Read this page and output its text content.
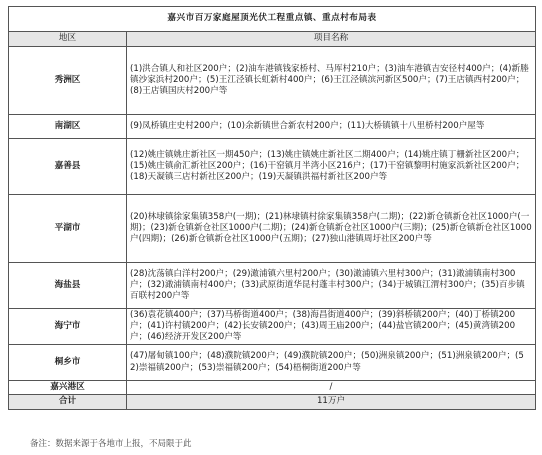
嘉兴市百万家庭屋顶光伏工程重点镇、重点村布局表	
地区	项目名称
秀洲区	(1)洪合镇人和社区200户；(2)油车港镇钱家桥村、马厍村210户；(3)油车港镇吉安径村400户；(4)新塍镇沙家浜村200户；(5)王江泾镇长虹新村400户；(6)王江泾镇滨河新区500户；(7)王店镇西村200户；(8)王店镇国庆村200户等
南湖区	(9)凤桥镇庄史村200户；(10)余新镇世合新农村200户；(11)大桥镇镇十八里桥村200户屋等
嘉善县	(12)姚庄镇姚庄新社区一期450户；(13)姚庄镇姚庄新社区二期400户；(14)姚庄镇丁栅新社区200户；(15)姚庄镇俞汇新社区200户；(16)干窑镇月半湾小区216户；(17)干窑镇黎明村施家浜新社区200户；(18)天凝镇三店村新社区200户；(19)天凝镇洪福村新社区200户等
平湖市	(20)林埭镇徐家集镇358户(一期)；(21)林埭镇村徐家集镇358户(二期)；(22)新仓镇新仓社区1000户(一期)；(23)新仓镇新仓社区1000户(二期)；(24)新仓镇新仓社区1000户(三期)；(25)新仓镇新仓社区1000户(四期)；(26)新仓镇新仓社区1000户(五期)；(27)独山港镇周圩社区200户等
海盐县	(28)沈荡镇白洋村200户；(29)澉浦镇六里村200户；(30)澉浦镇六里村300户；(31)澉浦镇南村300户；(32)澉浦镇南村400户；(33)武原街道华昆村蓬丰村300户；(34)于城镇江渭村300户；(35)百步镇百联村200户等
海宁市	(36)袁花镇400户；(37)马桥街道400户；(38)海昌街道400户；(39)斜桥镇200户；(40)丁桥镇200户；(41)许村镇200户；(42)长安镇200户；(43)周王庙200户；(44)盐官镇200户；(45)黄湾镇200户；(46)经济开发区200户等
桐乡市	(47)屠甸镇100户；(48)濮院镇200户；(49)濮院镇200户；(50)洲泉镇200户；(51)洲泉镇200户；(52)崇福镇200户；(53)崇福镇200户；(54)梧桐街道200户等
嘉兴港区	/
合计	11万户
备注：数据来源于各地市上报，不局限于此
